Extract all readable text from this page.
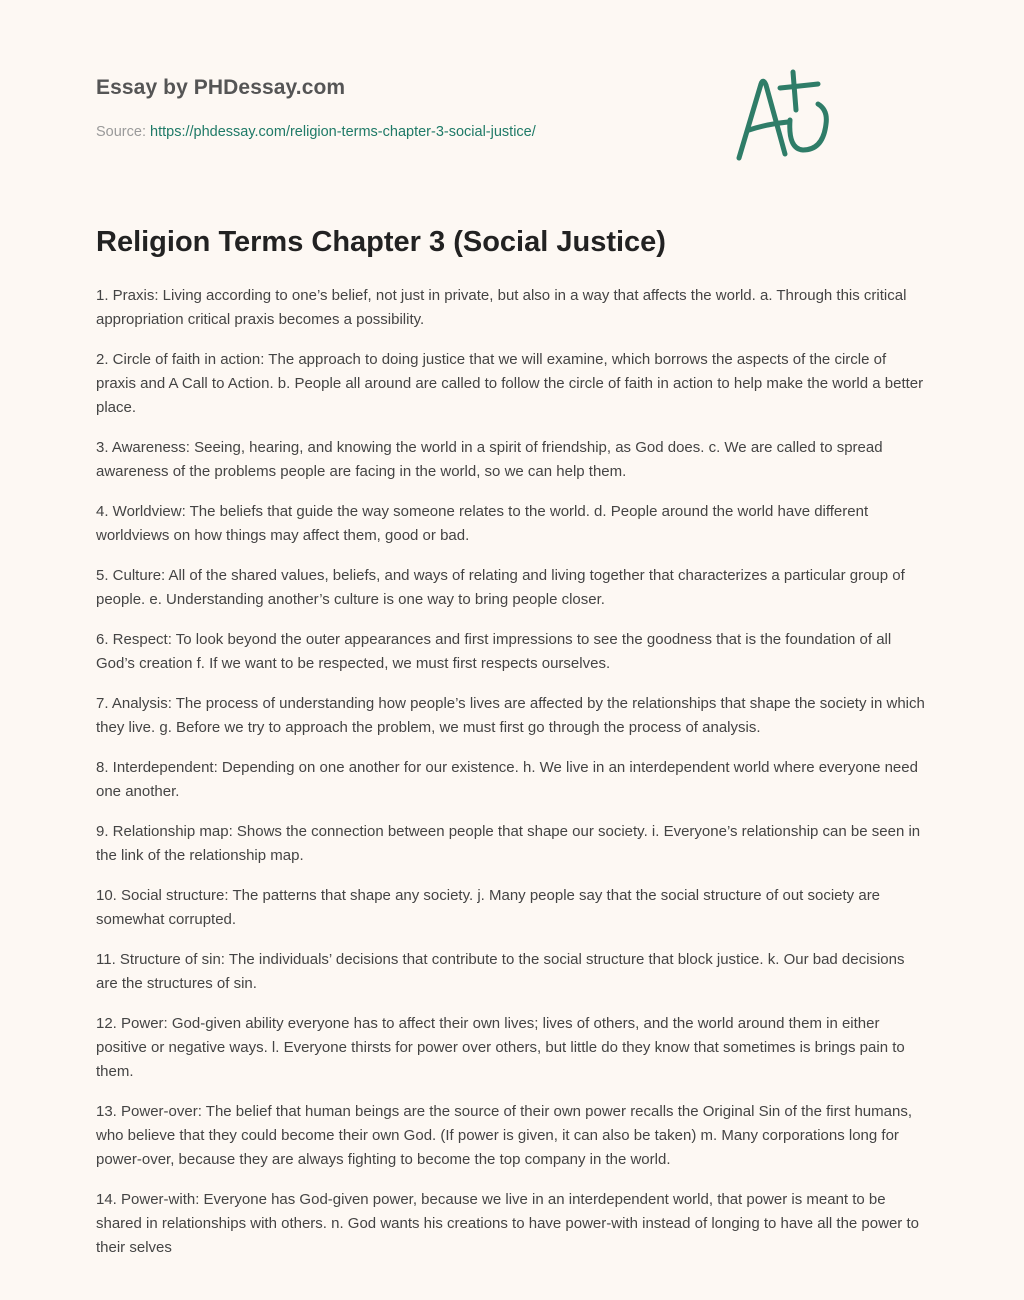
Essay by PHDessay.com
Source: https://phdessay.com/religion-terms-chapter-3-social-justice/
Religion Terms Chapter 3 (Social Justice)

1. Praxis: Living according to one’s belief, not just in private, but also in a way that affects the world. a. Through this critical appropriation critical praxis becomes a possibility.

2. Circle of faith in action: The approach to doing justice that we will examine, which borrows the aspects of the circle of praxis and A Call to Action. b. People all around are called to follow the circle of faith in action to help make the world a better place.

3. Awareness: Seeing, hearing, and knowing the world in a spirit of friendship, as God does. c. We are called to spread awareness of the problems people are facing in the world, so we can help them.

4. Worldview: The beliefs that guide the way someone relates to the world. d. People around the world have different worldviews on how things may affect them, good or bad.

5. Culture: All of the shared values, beliefs, and ways of relating and living together that characterizes a particular group of people. e. Understanding another’s culture is one way to bring people closer.

6. Respect: To look beyond the outer appearances and first impressions to see the goodness that is the foundation of all God’s creation f. If we want to be respected, we must first respects ourselves.

7. Analysis: The process of understanding how people’s lives are affected by the relationships that shape the society in which they live. g. Before we try to approach the problem, we must first go through the process of analysis.

8. Interdependent: Depending on one another for our existence. h. We live in an interdependent world where everyone need one another.

9. Relationship map: Shows the connection between people that shape our society. i. Everyone’s relationship can be seen in the link of the relationship map.

10. Social structure: The patterns that shape any society. j. Many people say that the social structure of out society are somewhat corrupted.

11. Structure of sin: The individuals’ decisions that contribute to the social structure that block justice. k. Our bad decisions are the structures of sin.

12. Power: God-given ability everyone has to affect their own lives; lives of others, and the world around them in either positive or negative ways. l. Everyone thirsts for power over others, but little do they know that sometimes is brings pain to them.

13. Power-over: The belief that human beings are the source of their own power recalls the Original Sin of the first humans, who believe that they could become their own God. (If power is given, it can also be taken) m. Many corporations long for power-over, because they are always fighting to become the top company in the world.

14. Power-with: Everyone has God-given power, because we live in an interdependent world, that power is meant to be shared in relationships with others. n. God wants his creations to have power-with instead of longing to have all the power to their selves
